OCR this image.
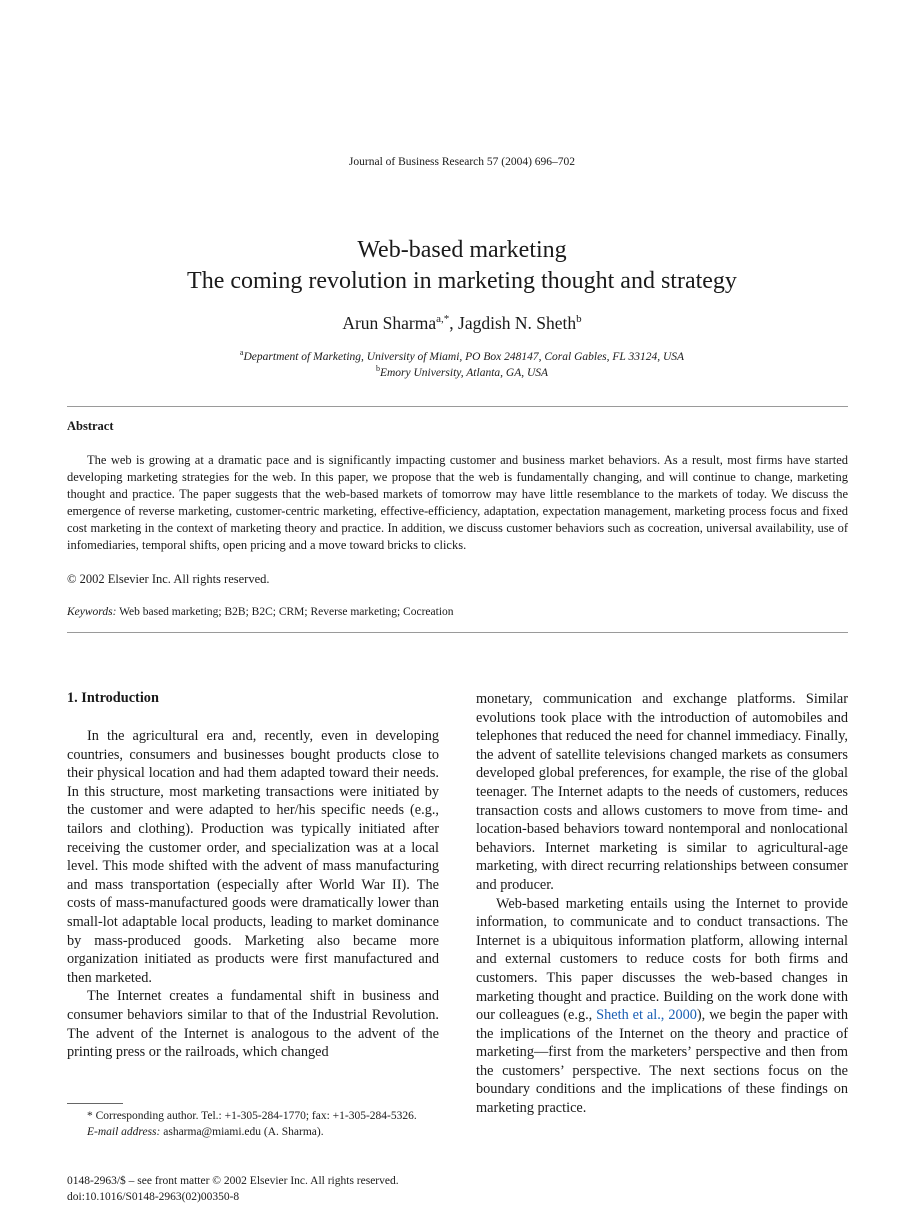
Journal of Business Research 57 (2004) 696–702
Web-based marketing
The coming revolution in marketing thought and strategy
Arun Sharma$^{a,*}$, Jagdish N. Sheth$^b$
$^a$Department of Marketing, University of Miami, PO Box 248147, Coral Gables, FL 33124, USA
$^b$Emory University, Atlanta, GA, USA
Abstract

The web is growing at a dramatic pace and is significantly impacting customer and business market behaviors. As a result, most firms have started developing marketing strategies for the web. In this paper, we propose that the web is fundamentally changing, and will continue to change, marketing thought and practice. The paper suggests that the web-based markets of tomorrow may have little resemblance to the markets of today. We discuss the emergence of reverse marketing, customer-centric marketing, effective-efficiency, adaptation, expectation management, marketing process focus and fixed cost marketing in the context of marketing theory and practice. In addition, we discuss customer behaviors such as cocreation, universal availability, use of infomediaries, temporal shifts, open pricing and a move toward bricks to clicks.

© 2002 Elsevier Inc. All rights reserved.
Keywords: Web based marketing; B2B; B2C; CRM; Reverse marketing; Cocreation
1. Introduction

In the agricultural era and, recently, even in developing countries, consumers and businesses bought products close to their physical location and had them adapted toward their needs. In this structure, most marketing transactions were initiated by the customer and were adapted to her/his specific needs (e.g., tailors and clothing). Production was typically initiated after receiving the customer order, and specialization was at a local level. This mode shifted with the advent of mass manufacturing and mass transportation (especially after World War II). The costs of mass-manufactured goods were dramatically lower than small-lot adaptable local products, leading to market dominance by mass-produced goods. Marketing also became more organization initiated as products were first manufactured and then marketed.

The Internet creates a fundamental shift in business and consumer behaviors similar to that of the Industrial Revolution. The advent of the Internet is analogous to the advent of the printing press or the railroads, which changed

monetary, communication and exchange platforms. Similar evolutions took place with the introduction of automobiles and telephones that reduced the need for channel immediacy. Finally, the advent of satellite televisions changed markets as consumers developed global preferences, for example, the rise of the global teenager. The Internet adapts to the needs of customers, reduces transaction costs and allows customers to move from time- and location-based behaviors toward nontemporal and nonlocational behaviors. Internet marketing is similar to agricultural-age marketing, with direct recurring relationships between consumer and producer.

Web-based marketing entails using the Internet to provide information, to communicate and to conduct transactions. The Internet is a ubiquitous information platform, allowing internal and external customers to reduce costs for both firms and customers. This paper discusses the web-based changes in marketing thought and practice. Building on the work done with our colleagues (e.g., Sheth et al., 2000), we begin the paper with the implications of the Internet on the theory and practice of marketing—first from the marketers’ perspective and then from the customers’ perspective. The next sections focus on the boundary conditions and the implications of these findings on marketing practice.

* Corresponding author. Tel.: +1-305-284-1770; fax: +1-305-284-5326.

E-mail address: asharma@miami.edu (A. Sharma).

0148-2963/$ – see front matter © 2002 Elsevier Inc. All rights reserved.
doi:10.1016/S0148-2963(02)00350-8
